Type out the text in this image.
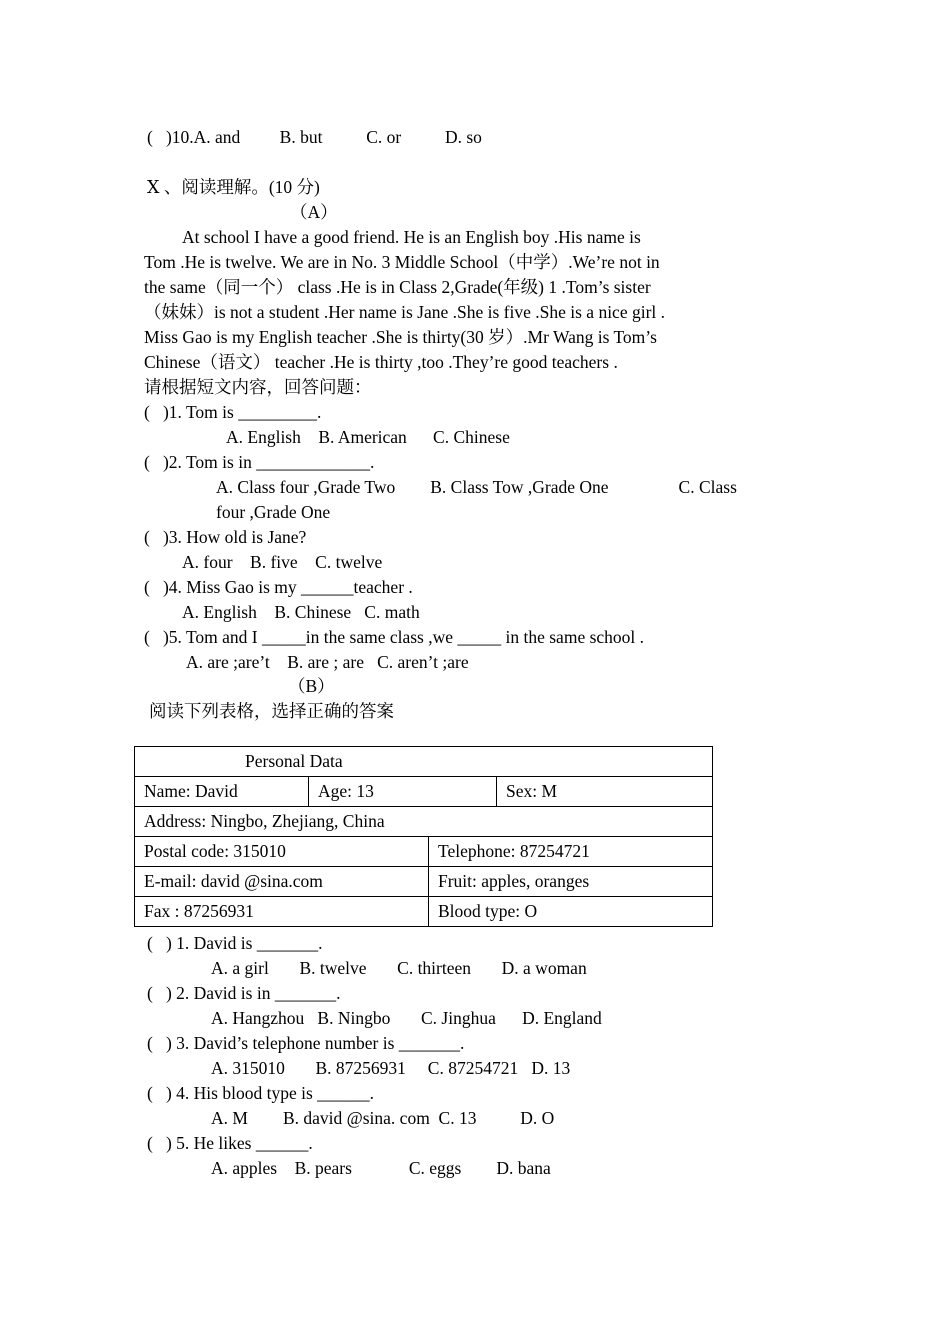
(   )10.A. and         B. but          C. or          D. so
Ⅹ 、阅读理解。(10 分)
（A）
At school I have a good friend. He is an English boy .His name is
Tom .He is twelve. We are in No. 3 Middle School（中学）.We’re not in
the same（同一个） class .He is in Class 2,Grade(年级) 1 .Tom’s sister
（妹妹）is not a student .Her name is Jane .She is five .She is a nice girl .
Miss Gao is my English teacher .She is thirty(30 岁）.Mr Wang is Tom’s
Chinese（语文） teacher .He is thirty ,too .They’re good teachers .
请根据短文内容，回答问题：
(   )1. Tom is _________.
A. English    B. American      C. Chinese
(   )2. Tom is in _____________.
A. Class four ,Grade Two        B. Class Tow ,Grade One                C. Class
four ,Grade One
(   )3. How old is Jane?
A. four    B. five    C. twelve
(   )4. Miss Gao is my ______teacher .
A. English    B. Chinese   C. math
(   )5. Tom and I _____in the same class ,we _____ in the same school .
A. are ;are’t    B. are ; are   C. aren’t ;are
（B）
阅读下列表格，选择正确的答案
Personal Data			
Name: David	Age: 13		Sex: M
Address: Ningbo, Zhejiang, China			
Postal code: 315010		Telephone: 87254721	
E-mail: david @sina.com		Fruit: apples, oranges	
Fax : 87256931		Blood type: O	
(   ) 1. David is _______.
A. a girl       B. twelve       C. thirteen       D. a woman
(   ) 2. David is in _______.
A. Hangzhou   B. Ningbo       C. Jinghua      D. England
(   ) 3. David’s telephone number is _______.
A. 315010       B. 87256931     C. 87254721   D. 13
(   ) 4. His blood type is ______.
A. M        B. david @sina. com  C. 13          D. O
(   ) 5. He likes ______.
A. apples    B. pears             C. eggs        D. bana
